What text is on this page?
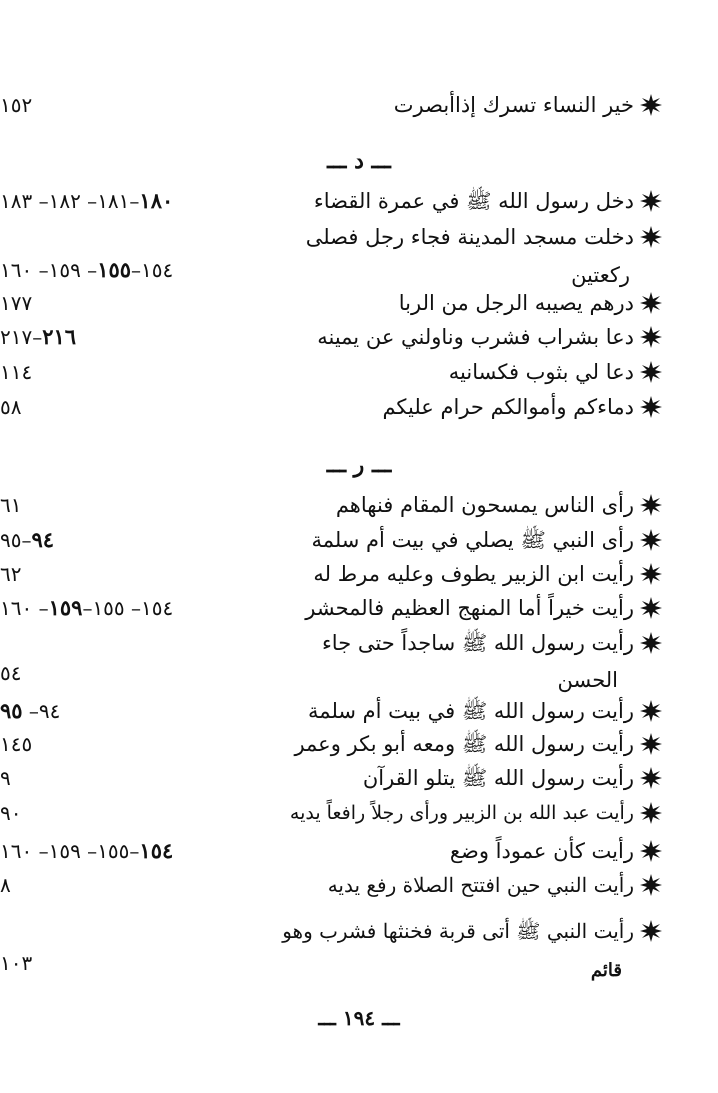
خير النساء تسرك إذاأبصرت
١٥٢
ـــ د ـــ
دخل رسول الله ﷺ في عمرة القضاء
١٨٠–١٨١– ١٨٢– ١٨٣
دخلت مسجد المدينة فجاء رجل فصلى
١٥٤–١٥٥– ١٥٩– ١٦٠	ركعتين
درهم يصيبه الرجل من الربا
١٧٧
دعا بشراب فشرب وناولني عن يمينه
٢١٦–٢١٧
دعا لي بثوب فكسانيه
١١٤
دماءكم وأموالكم حرام عليكم
٥٨
ـــ ر ـــ
رأى الناس يمسحون المقام فنهاهم
٦١
رأى النبي ﷺ يصلي في بيت أم سلمة
٩٤–٩٥
رأيت ابن الزبير يطوف وعليه مرط له
٦٢
رأيت خيراً أما المنهج العظيم فالمحشر
١٥٤– ١٥٥–١٥٩– ١٦٠
رأيت رسول الله ﷺ ساجداً حتى جاء
٥٤	الحسن
رأيت رسول الله ﷺ في بيت أم سلمة
٩٤– ٩٥
رأيت رسول الله ﷺ ومعه أبو بكر وعمر
١٤٥
رأيت رسول الله ﷺ يتلو القرآن
٩
رأيت عبد الله بن الزبير ورأى رجلاً رافعاً يديه
٩٠
رأيت كأن عموداً وضع
١٥٤–١٥٥– ١٥٩– ١٦٠
رأيت النبي حين افتتح الصلاة رفع يديه
٨
رأيت النبي ﷺ أتى قربة فخنثها فشرب وهو
١٠٣	قائم
ـــ ١٩٤ ـــ
